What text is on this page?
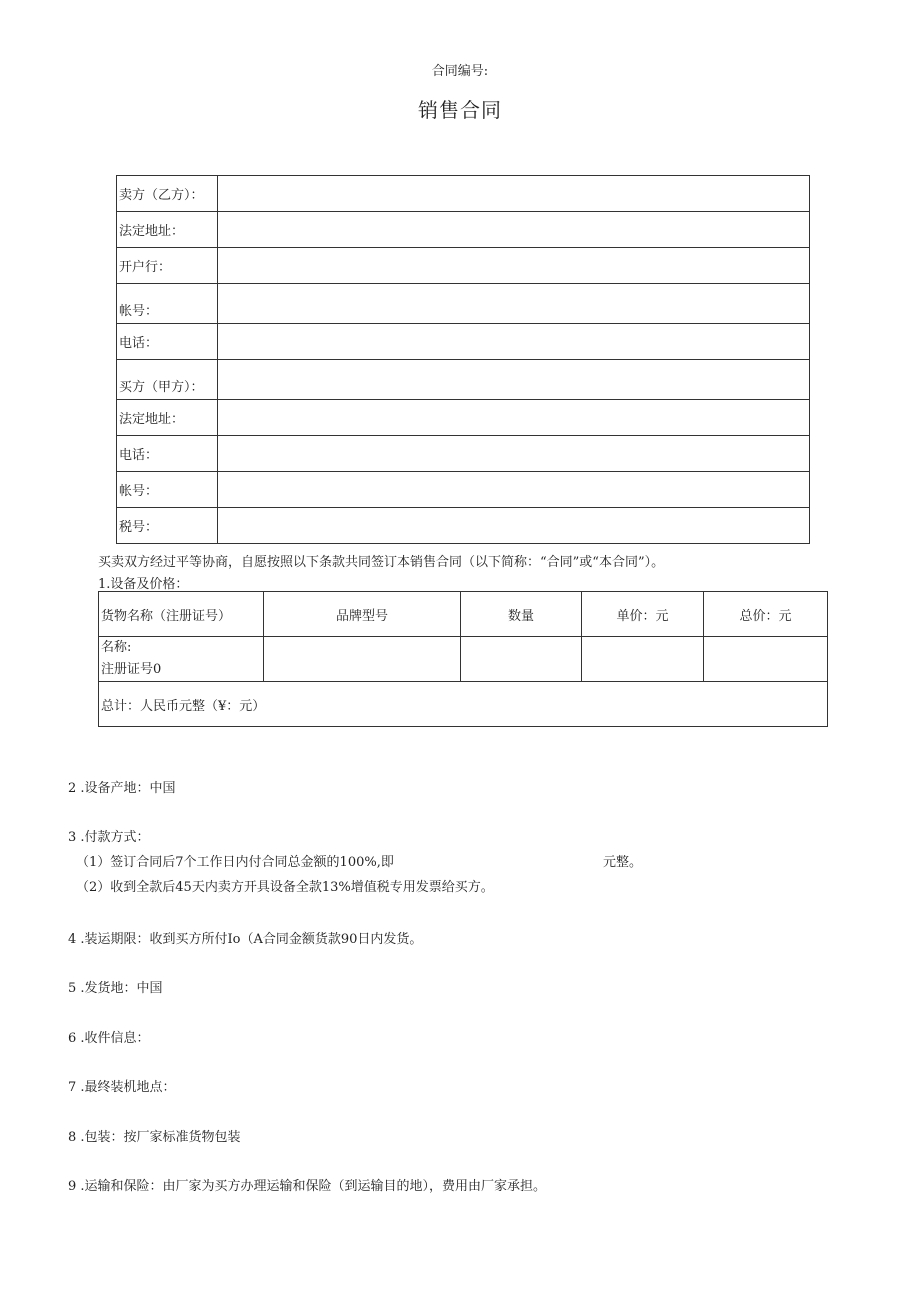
合同编号:
销售合同
卖方（乙方）：	
法定地址：	
开户行：	
帐号：	
电话：	
买方（甲方）：	
法定地址：	
电话：	
帐号：	
税号：	
买卖双方经过平等协商，自愿按照以下条款共同签订本销售合同（以下简称：“合同”或“本合同”）。
1.设备及价格：
货物名称（注册证号）	品牌型号	数量	单价：元	总价：元

名称:
注册证号0				

总计：人民币元整（¥：元）				
2 .设备产地：中国
3 .付款方式：
（1）签订合同后7个工作日内付合同总金额的100%,即	元整。
（2）收到全款后45天内卖方开具设备全款13%增值税专用发票给买方。
4 .装运期限：收到买方所付Io（A合同金额货款90日内发货。
5 .发货地：中国
6 .收件信息：
7 .最终装机地点：
8 .包装：按厂家标准货物包装
9 .运输和保险：由厂家为买方办理运输和保险（到运输目的地），费用由厂家承担。
